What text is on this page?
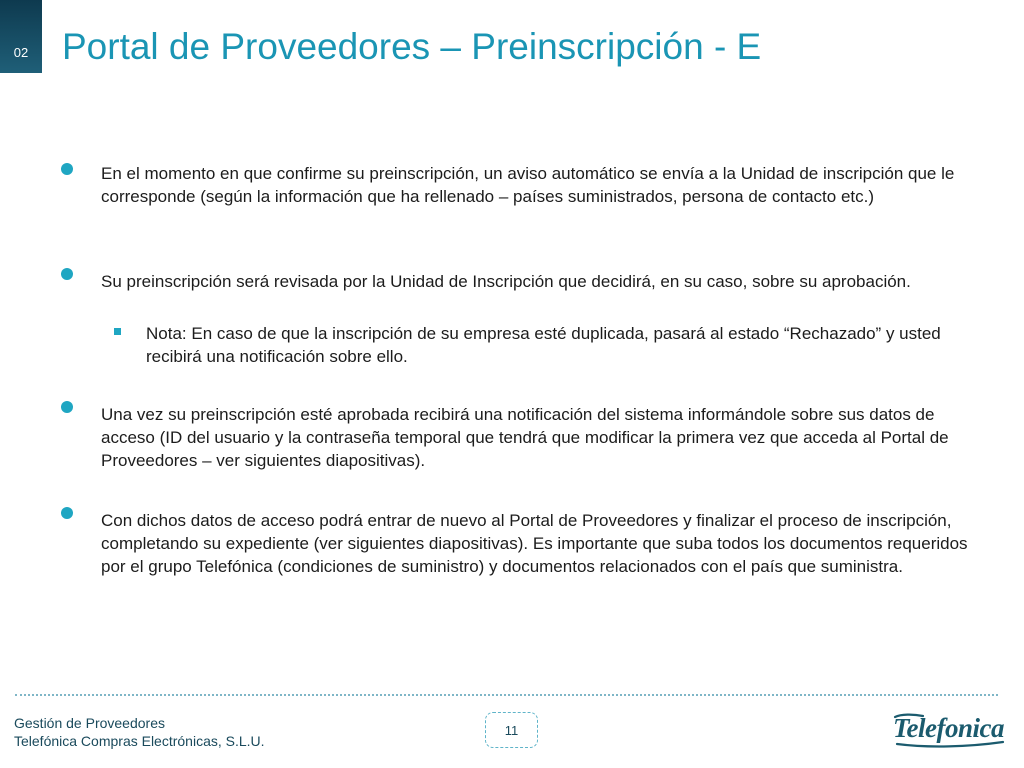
02 Portal de Proveedores – Preinscripción - E
En el momento en que confirme su preinscripción, un aviso automático se envía a la Unidad de inscripción que le corresponde (según la información que ha rellenado – países suministrados, persona de contacto etc.)
Su preinscripción será revisada por la Unidad de Inscripción que decidirá, en su caso, sobre su aprobación.
Nota: En caso de que la inscripción de su empresa esté duplicada, pasará al estado “Rechazado” y usted recibirá una notificación sobre ello.
Una vez su preinscripción esté aprobada recibirá una notificación del sistema informándole sobre sus datos de acceso (ID del usuario y la contraseña temporal que tendrá que modificar la primera vez que acceda al Portal de Proveedores – ver siguientes diapositivas).
Con dichos datos de acceso podrá entrar de nuevo al Portal de Proveedores y finalizar el proceso de inscripción, completando su expediente (ver siguientes diapositivas). Es importante que suba todos los documentos requeridos por el grupo Telefónica (condiciones de suministro) y documentos relacionados con el país que suministra.
Gestión de Proveedores
Telefónica Compras Electrónicas, S.L.U.
11	Telefonica
